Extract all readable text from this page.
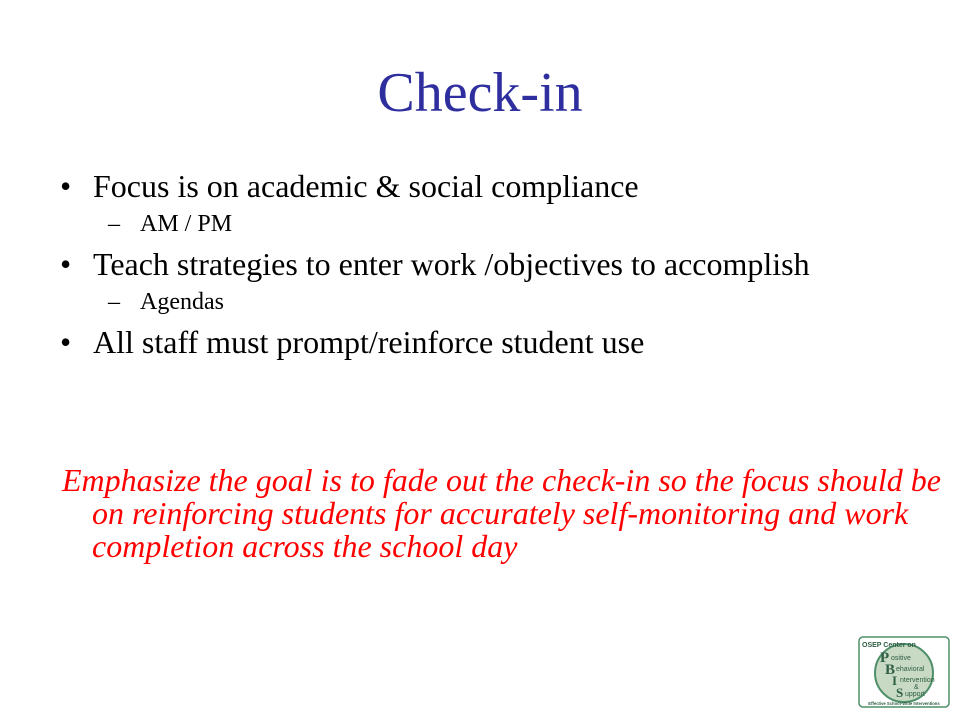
Check-in
• Focus is on academic & social compliance
– AM / PM
• Teach strategies to enter work /objectives to accomplish
– Agendas
• All staff must prompt/reinforce student use
Emphasize the goal is to fade out the check-in so the focus should be on reinforcing students for accurately self-monitoring and work completion across the school day
OSEP Center on
P ositive
B ehavioral
I ntervention
&
S upport
Effective School-Wide Interventions
